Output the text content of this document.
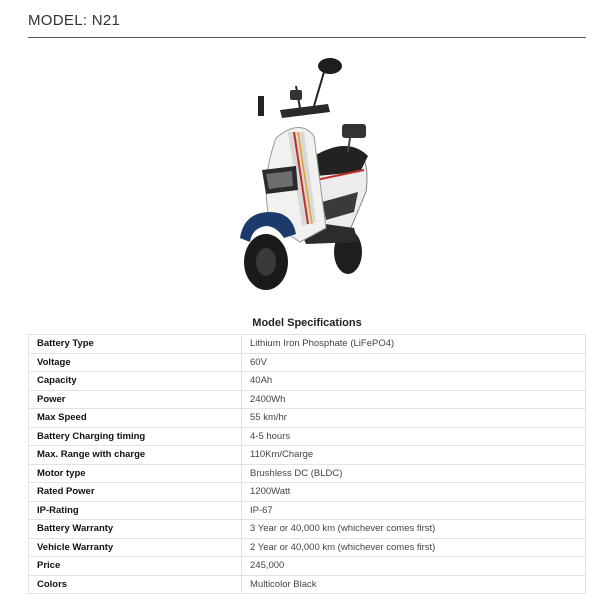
MODEL: N21
Model Specifications
Battery Type	Lithium Iron Phosphate (LiFePO4)
Voltage	60V
Capacity	40Ah
Power	2400Wh
Max Speed	55 km/hr
Battery Charging timing	4-5 hours
Max. Range with charge	110Km/Charge
Motor type	Brushless DC (BLDC)
Rated Power	1200Watt
IP-Rating	IP-67
Battery Warranty	3 Year or 40,000 km (whichever comes first)
Vehicle Warranty	2 Year or 40,000 km (whichever comes first)
Price	245,000
Colors	Multicolor Black
